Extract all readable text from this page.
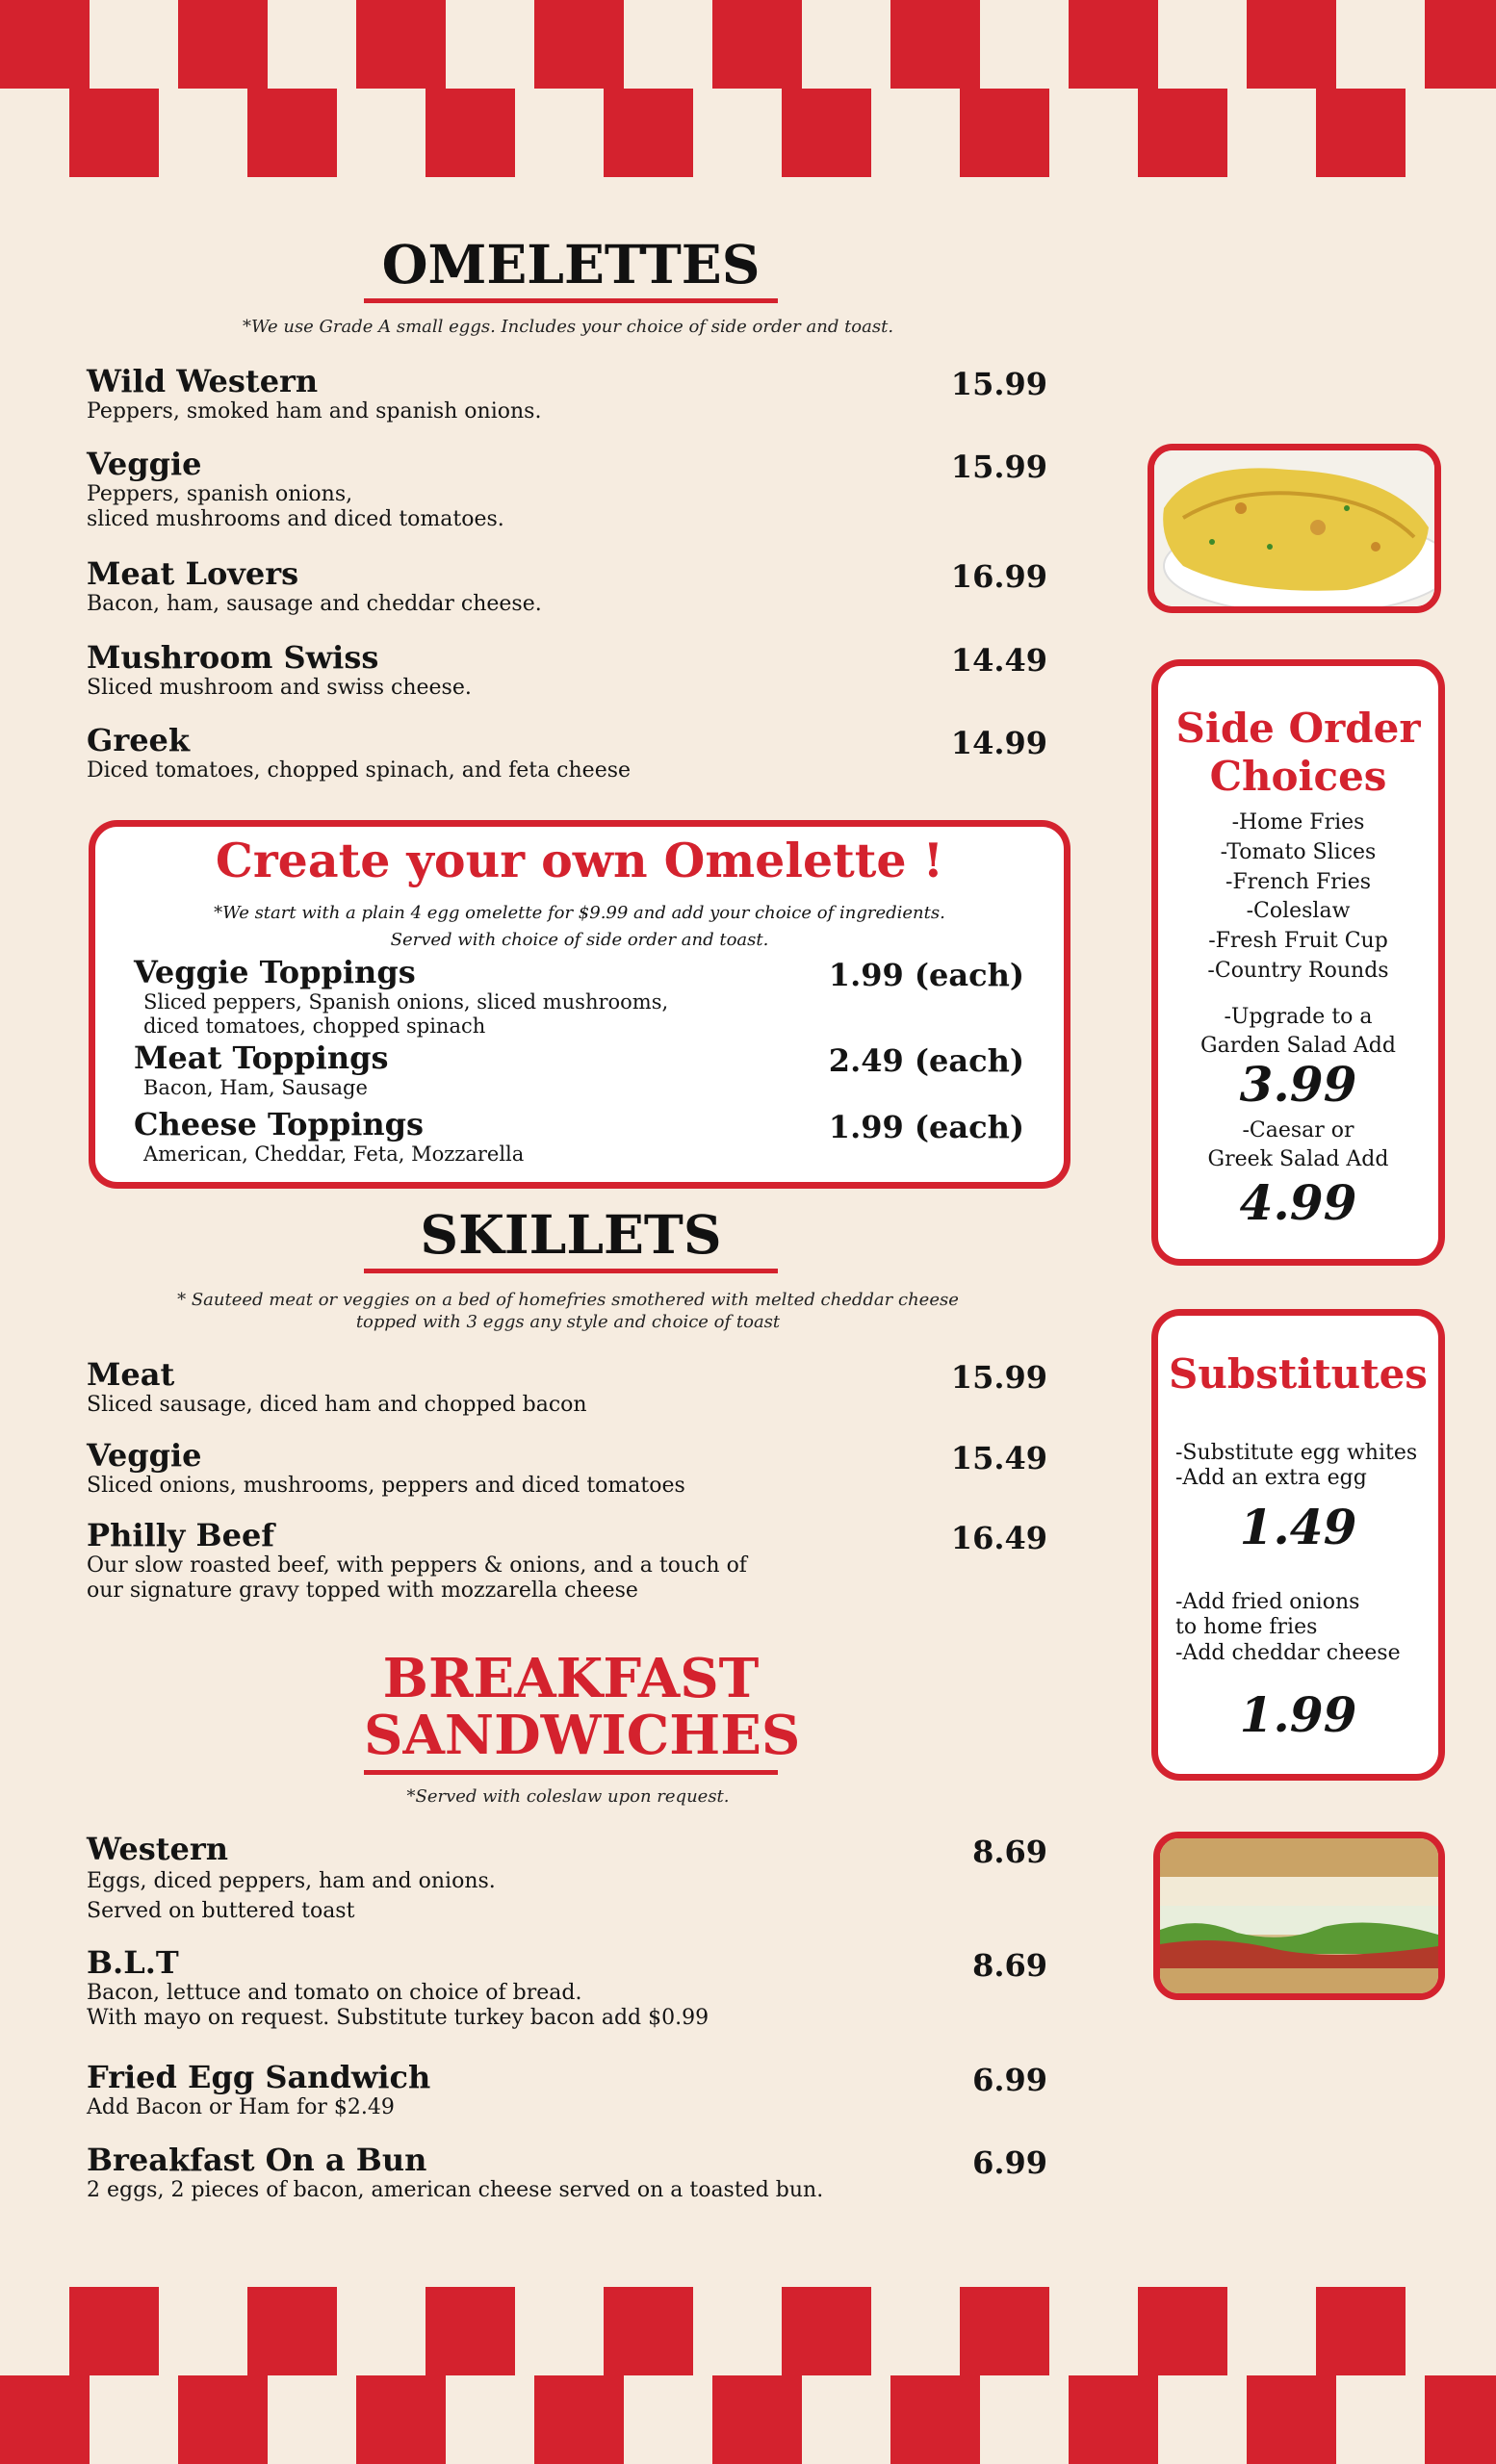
OMELETTES
*We use Grade A small eggs. Includes your choice of side order and toast.
Wild Western
Peppers, smoked ham and spanish onions.
15.99
Veggie
Peppers, spanish onions,
sliced mushrooms and diced tomatoes.
15.99
Meat Lovers
Bacon, ham, sausage and cheddar cheese.
16.99
Mushroom Swiss
Sliced mushroom and swiss cheese.
14.49
Greek
Diced tomatoes, chopped spinach, and feta cheese
14.99
Create your own Omelette !
*We start with a plain 4 egg omelette for $9.99 and add your choice of ingredients.
Served with choice of side order and toast.
Veggie Toppings
Sliced peppers, Spanish onions, sliced mushrooms,
diced tomatoes, chopped spinach
1.99 (each)
Meat Toppings
Bacon, Ham, Sausage
2.49 (each)
Cheese Toppings
American, Cheddar, Feta, Mozzarella
1.99 (each)
SKILLETS
* Sauteed meat or veggies on a bed of homefries smothered with melted cheddar cheese
topped with 3 eggs any style and choice of toast
Meat
Sliced sausage, diced ham and chopped bacon
15.99
Veggie
Sliced onions, mushrooms, peppers and diced tomatoes
15.49
Philly Beef
Our slow roasted beef, with peppers & onions, and a touch of
our signature gravy topped with mozzarella cheese
16.49
BREAKFAST
SANDWICHES
*Served with coleslaw upon request.
Western
Eggs, diced peppers, ham and onions.
Served on buttered toast
8.69
B.L.T
Bacon, lettuce and tomato on choice of bread.
With mayo on request. Substitute turkey bacon add $0.99
8.69
Fried Egg Sandwich
Add Bacon or Ham for $2.49
6.99
Breakfast On a Bun
2 eggs, 2 pieces of bacon, american cheese served on a toasted bun.
6.99
Side Order
Choices
-Home Fries
-Tomato Slices
-French Fries
-Coleslaw
-Fresh Fruit Cup
-Country Rounds
-Upgrade to a
Garden Salad Add
3.99
-Caesar or
Greek Salad Add
4.99
Substitutes
-Substitute egg whites
-Add an extra egg
1.49
-Add fried onions
to home fries
-Add cheddar cheese
1.99
